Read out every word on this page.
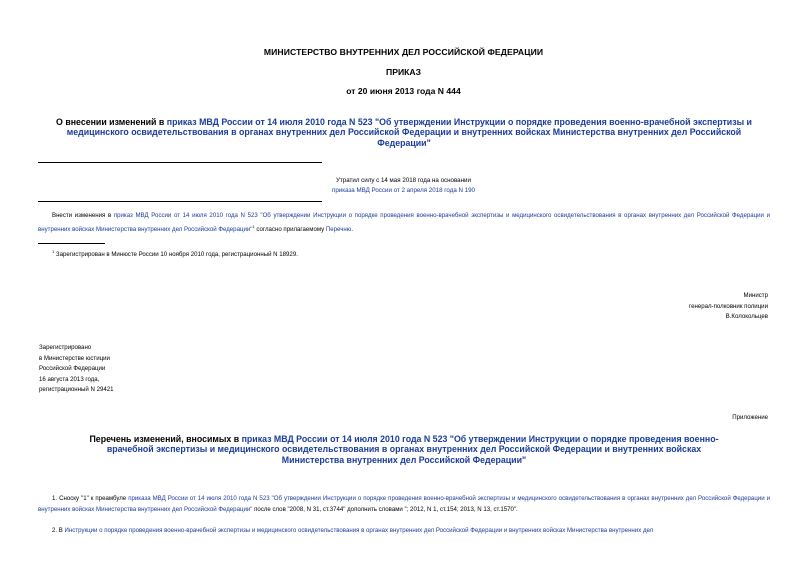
МИНИСТЕРСТВО ВНУТРЕННИХ ДЕЛ РОССИЙСКОЙ ФЕДЕРАЦИИ
ПРИКАЗ
от 20 июня 2013 года N 444
О внесении изменений в приказ МВД России от 14 июля 2010 года N 523 "Об утверждении Инструкции о порядке проведения военно-врачебной экспертизы и медицинского освидетельствования в органах внутренних дел Российской Федерации и внутренних войсках Министерства внутренних дел Российской Федерации"
Утратил силу с 14 мая 2018 года на основании
приказа МВД России от 2 апреля 2018 года N 190
Внести изменения в приказ МВД России от 14 июля 2010 года N 523 "Об утверждении Инструкции о порядке проведения военно-врачебной экспертизы и медицинского освидетельствования в органах внутренних дел Российской Федерации и внутренних войсках Министерства внутренних дел Российской Федерации"$^1$ согласно прилагаемому Перечню.
$^1$ Зарегистрирован в Минюсте России 10 ноября 2010 года, регистрационный N 18929.
Министр
генерал-полковник полиции
В.Колокольцев
Зарегистрировано
в Министерстве юстиции
Российской Федерации
16 августа 2013 года,
регистрационный N 29421
Приложение
Перечень изменений, вносимых в приказ МВД России от 14 июля 2010 года N 523 "Об утверждении Инструкции о порядке проведения военно-врачебной экспертизы и медицинского освидетельствования в органах внутренних дел Российской Федерации и внутренних войсках Министерства внутренних дел Российской Федерации"
1. Сноску "1" к преамбуле приказа МВД России от 14 июля 2010 года N 523 "Об утверждении Инструкции о порядке проведения военно-врачебной экспертизы и медицинского освидетельствования в органах внутренних дел Российской Федерации и внутренних войсках Министерства внутренних дел Российской Федерации" после слов "2008, N 31, ст.3744" дополнить словами "; 2012, N 1, ст.154; 2013, N 13, ст.1570".
2. В Инструкции о порядке проведения военно-врачебной экспертизы и медицинского освидетельствования в органах внутренних дел Российской Федерации и внутренних войсках Министерства внутренних дел
